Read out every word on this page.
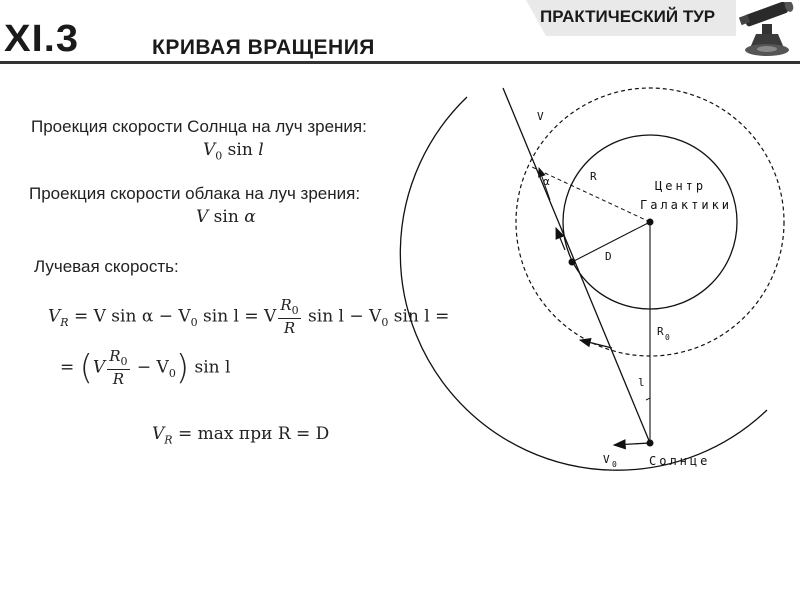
XI.3	КРИВАЯ ВРАЩЕНИЯ
ПРАКТИЧЕСКИЙ ТУР
Проекция скорости Солнца на луч зрения:
$V_0$ sin l
Проекция скорости облака на луч зрения:
V sin α
Лучевая скорость:
$V_R = V$ $\sin \alpha - V_0$ sin l = V $\frac{R_0}{R}$ $\sin l - V_0$ sin l =
= $(V \frac{R_0}{R} - V_0)$ sin l
$V_R = \max$ при R = D
V
α	R
Центр
Галактики
D
R 0
l
V 0	Солнце
